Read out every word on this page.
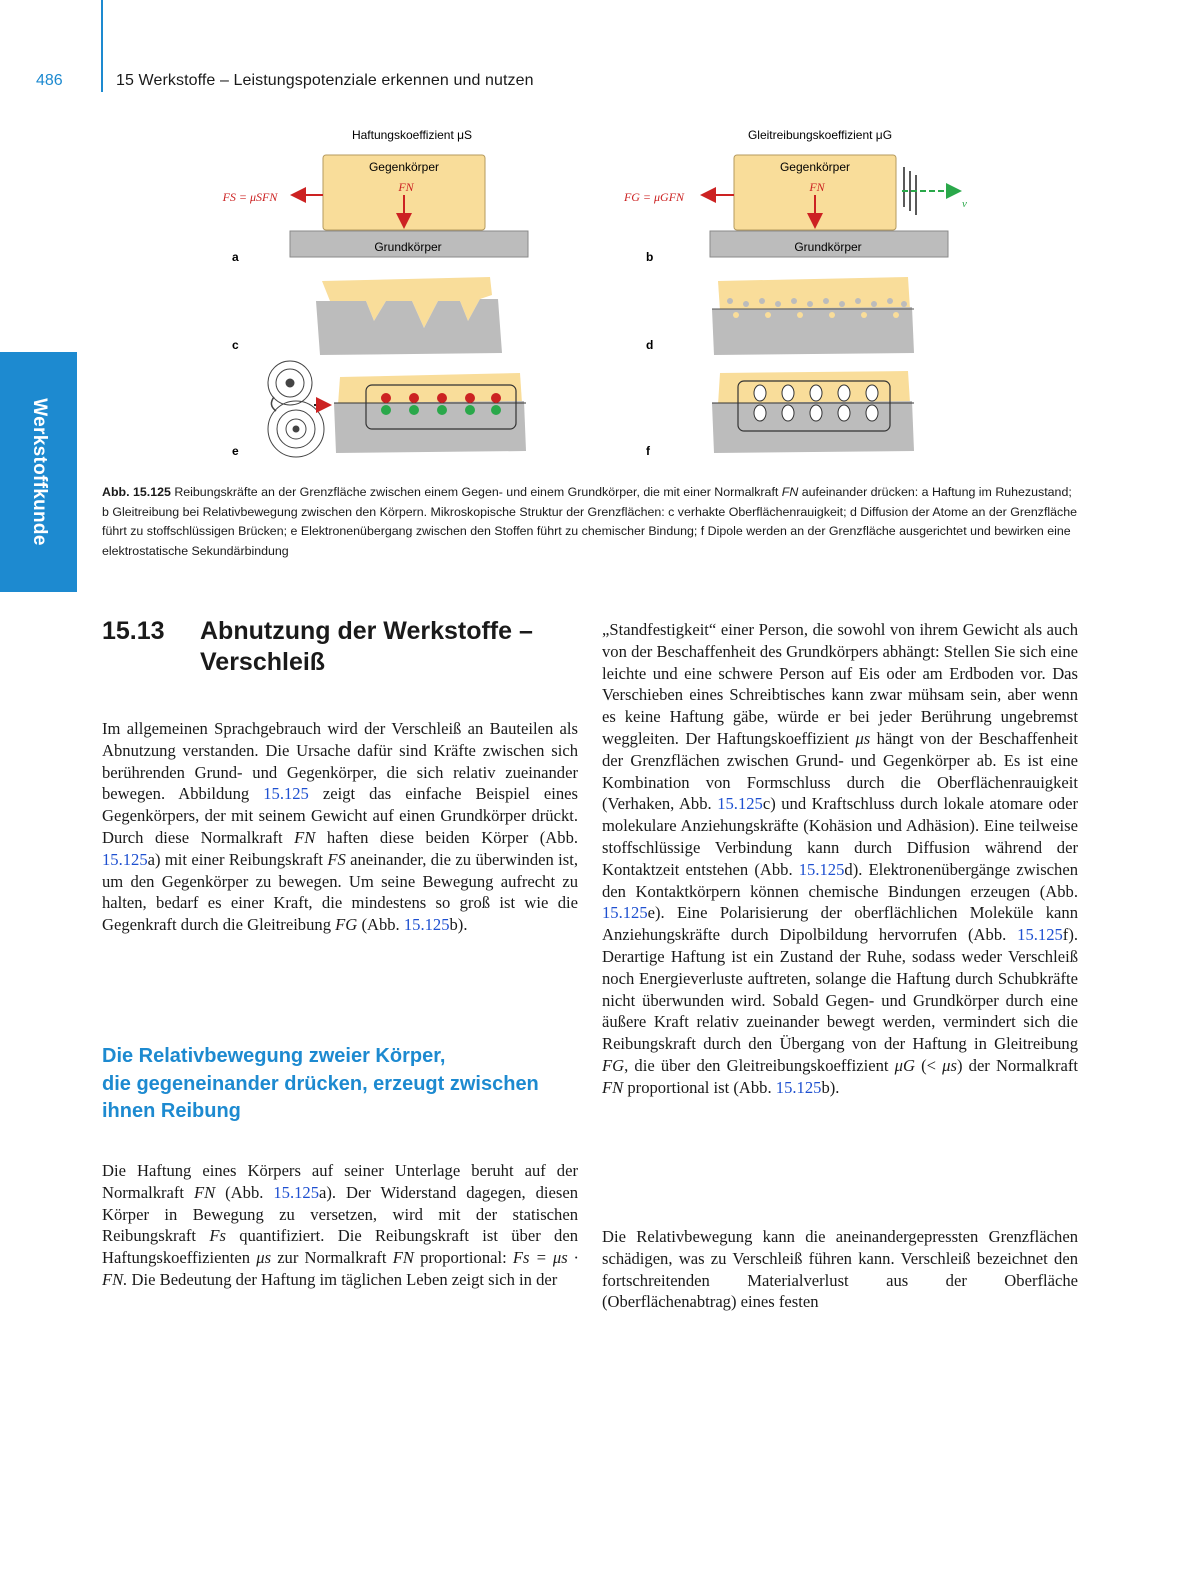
486	15 Werkstoffe – Leistungspotenziale erkennen und nutzen
Werkstoffkunde
Haftungskoeffizient μS
Gegenkörper
FN
Grundkörper
FS = μSFN
a
Gleitreibungskoeffizient μG
Gegenkörper
FN
Grundkörper
FG = μGFN	v
b
c	d
e	f
Abb. 15.125 Reibungskräfte an der Grenzfläche zwischen einem Gegen- und einem Grundkörper, die mit einer Normalkraft FN aufeinander drücken: a Haftung im Ruhezustand; b Gleitreibung bei Relativbewegung zwischen den Körpern. Mikroskopische Struktur der Grenzflächen: c verhakte Oberflächenrauigkeit; d Diffusion der Atome an der Grenzfläche führt zu stoffschlüssigen Brücken; e Elektronenübergang zwischen den Stoffen führt zu chemischer Bindung; f Dipole werden an der Grenzfläche ausgerichtet und bewirken eine elektrostatische Sekundärbindung
15.13 Abnutzung der Werkstoffe –
Verschleiß

Im allgemeinen Sprachgebrauch wird der Verschleiß an Bauteilen als Abnutzung verstanden. Die Ursache dafür sind Kräfte zwischen sich berührenden Grund- und Gegenkörper, die sich relativ zueinander bewegen. Abbildung 15.125 zeigt das einfache Beispiel eines Gegenkörpers, der mit seinem Gewicht auf einen Grundkörper drückt. Durch diese Normalkraft FN haften diese beiden Körper (Abb. 15.125a) mit einer Reibungskraft FS aneinander, die zu überwinden ist, um den Gegenkörper zu bewegen. Um seine Bewegung aufrecht zu halten, bedarf es einer Kraft, die mindestens so groß ist wie die Gegenkraft durch die Gleitreibung FG (Abb. 15.125b).

Die Relativbewegung zweier Körper,
die gegeneinander drücken, erzeugt zwischen
ihnen Reibung

Die Haftung eines Körpers auf seiner Unterlage beruht auf der Normalkraft FN (Abb. 15.125a). Der Widerstand dagegen, diesen Körper in Bewegung zu versetzen, wird mit der statischen Reibungskraft Fs quantifiziert. Die Reibungskraft ist über den Haftungskoeffizienten μs zur Normalkraft FN proportional: Fs = μs · FN. Die Bedeutung der Haftung im täglichen Leben zeigt sich in der

„Standfestigkeit“ einer Person, die sowohl von ihrem Gewicht als auch von der Beschaffenheit des Grundkörpers abhängt: Stellen Sie sich eine leichte und eine schwere Person auf Eis oder am Erdboden vor. Das Verschieben eines Schreibtisches kann zwar mühsam sein, aber wenn es keine Haftung gäbe, würde er bei jeder Berührung ungebremst weggleiten. Der Haftungskoeffizient μs hängt von der Beschaffenheit der Grenzflächen zwischen Grund- und Gegenkörper ab. Es ist eine Kombination von Formschluss durch die Oberflächenrauigkeit (Verhaken, Abb. 15.125c) und Kraftschluss durch lokale atomare oder molekulare Anziehungskräfte (Kohäsion und Adhäsion). Eine teilweise stoffschlüssige Verbindung kann durch Diffusion während der Kontaktzeit entstehen (Abb. 15.125d). Elektronenübergänge zwischen den Kontaktkörpern können chemische Bindungen erzeugen (Abb. 15.125e). Eine Polarisierung der oberflächlichen Moleküle kann Anziehungskräfte durch Dipolbildung hervorrufen (Abb. 15.125f). Derartige Haftung ist ein Zustand der Ruhe, sodass weder Verschleiß noch Energieverluste auftreten, solange die Haftung durch Schubkräfte nicht überwunden wird. Sobald Gegen- und Grundkörper durch eine äußere Kraft relativ zueinander bewegt werden, vermindert sich die Reibungskraft durch den Übergang von der Haftung in Gleitreibung FG, die über den Gleitreibungskoeffizient μG (< μs) der Normalkraft FN proportional ist (Abb. 15.125b).

Die Relativbewegung kann die aneinandergepressten Grenzflächen schädigen, was zu Verschleiß führen kann. Verschleiß bezeichnet den fortschreitenden Materialverlust aus der Oberfläche (Oberflächenabtrag) eines festen
